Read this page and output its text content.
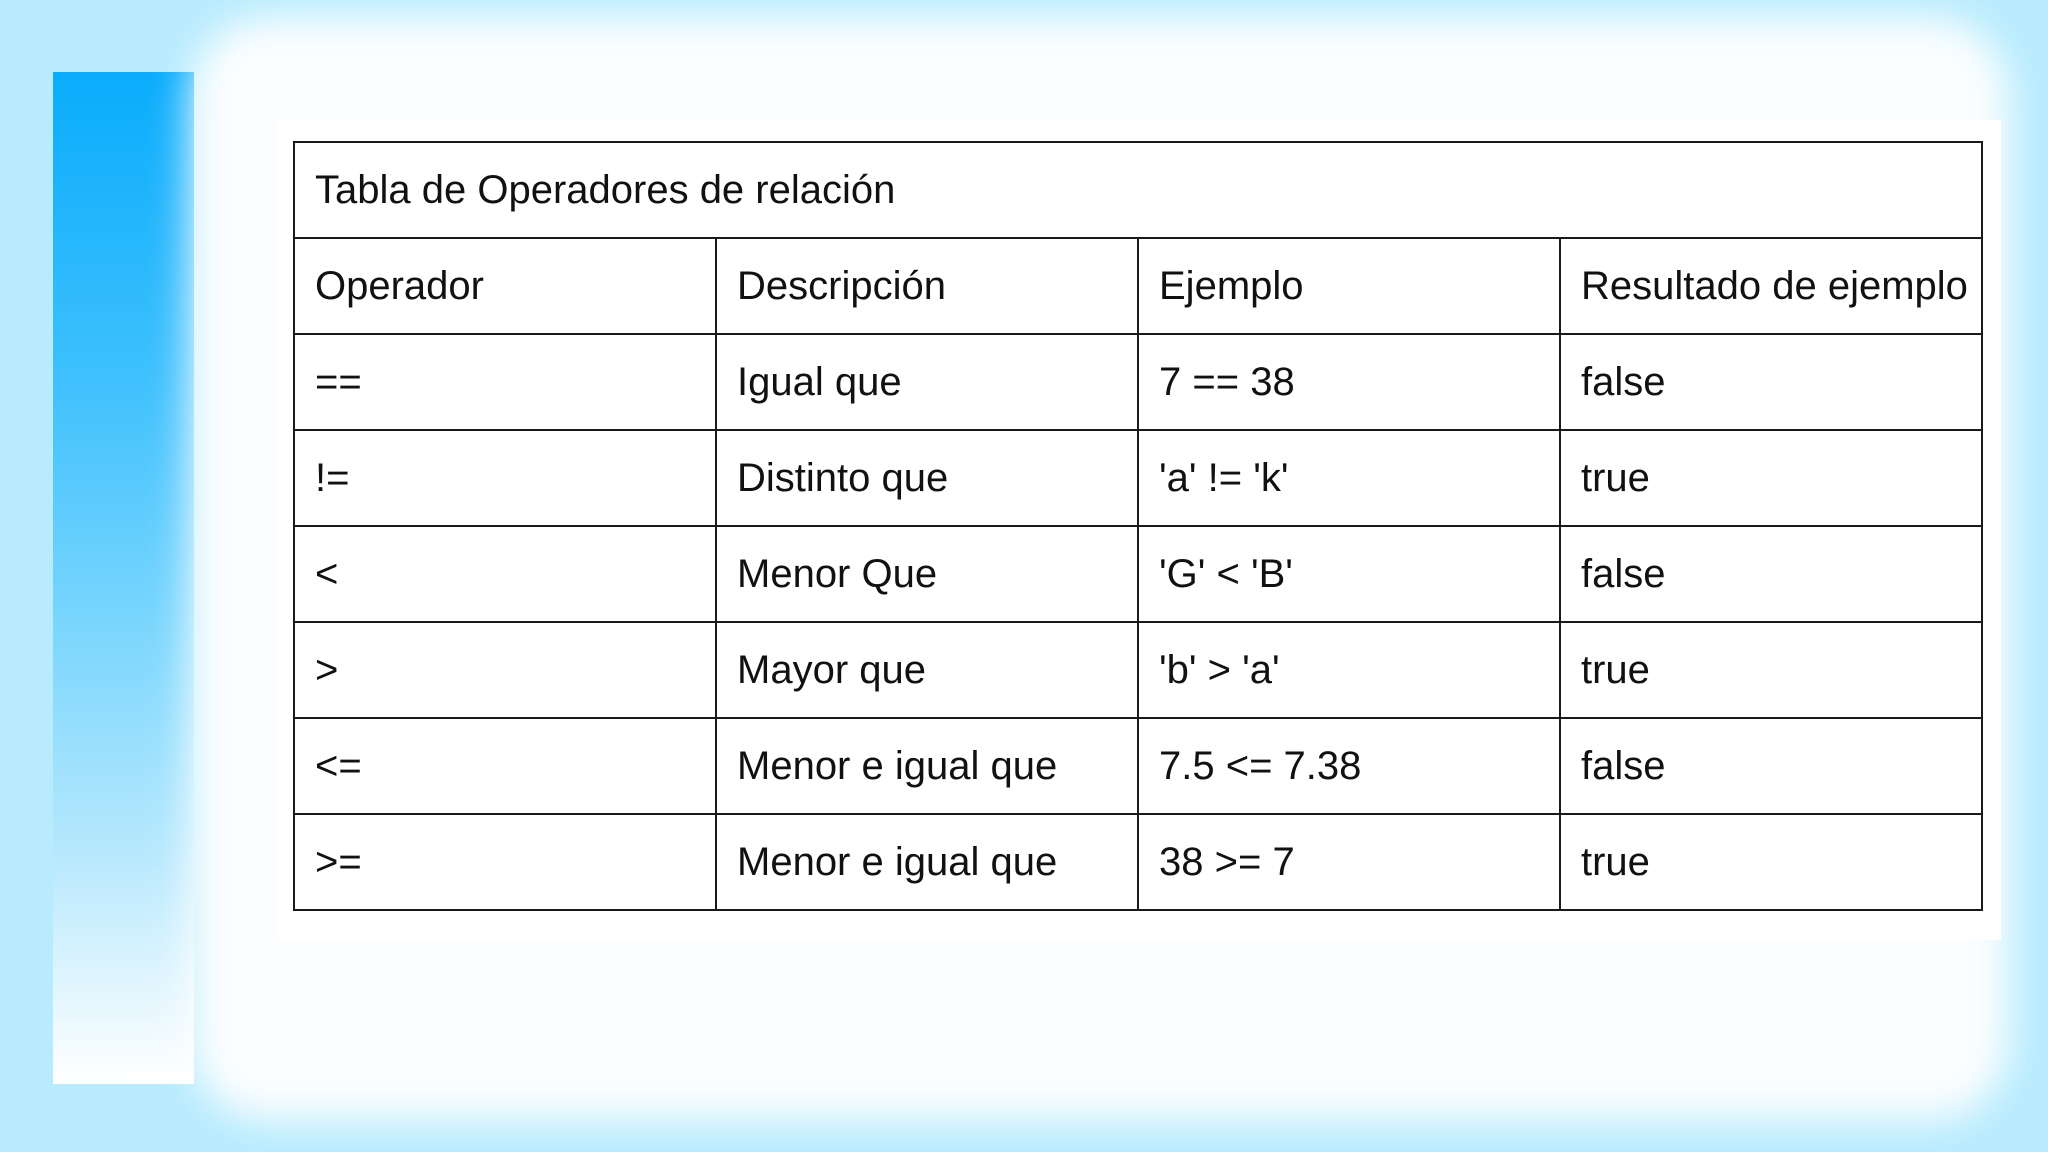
Tabla de Operadores de relación			
Operador	Descripción	Ejemplo	Resultado de ejemplo
==	Igual que	7 == 38	false
!=	Distinto que	'a' != 'k'	true
<	Menor Que	'G' < 'B'	false
>	Mayor que	'b' > 'a'	true
<=	Menor e igual que	7.5 <= 7.38	false
>=	Menor e igual que	38 >= 7	true
